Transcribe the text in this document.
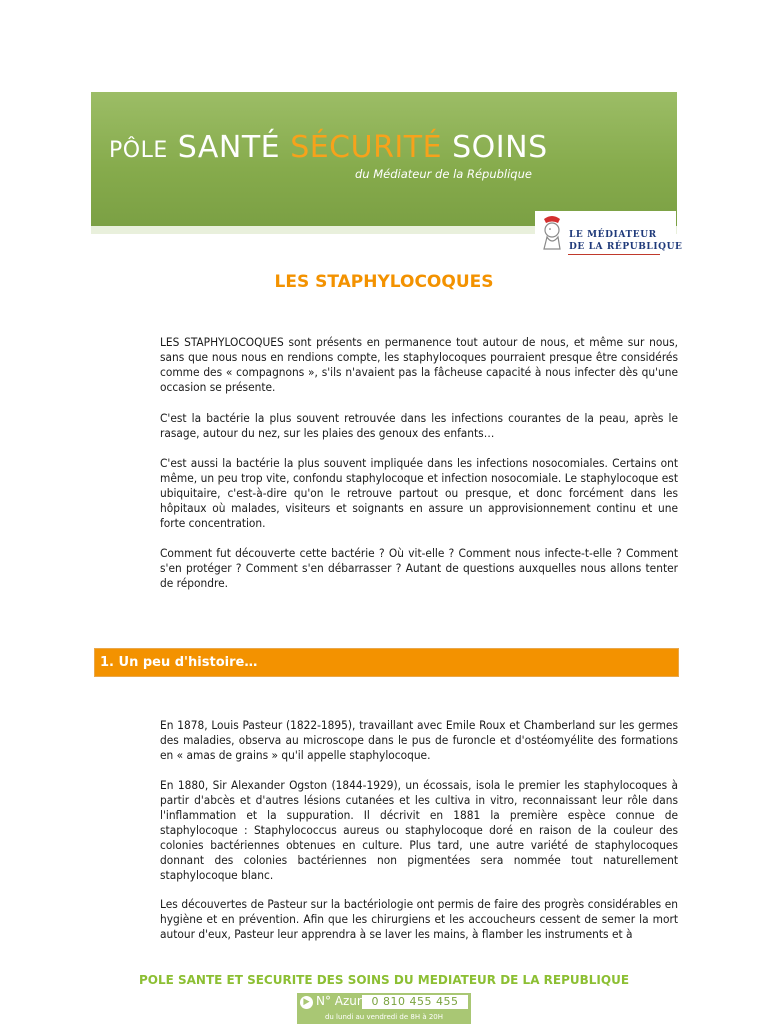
PÔLE SANTÉ SÉCURITÉ SOINS
du Médiateur de la République
LE MÉDIATEUR
DE LA RÉPUBLIQUE
LES STAPHYLOCOQUES

LES STAPHYLOCOQUES sont présents en permanence tout autour de nous, et même sur nous, sans que nous nous en rendions compte, les staphylocoques pourraient presque être considérés comme des « compagnons », s'ils n'avaient pas la fâcheuse capacité à nous infecter dès qu'une occasion se présente.

C'est la bactérie la plus souvent retrouvée dans les infections courantes de la peau, après le rasage, autour du nez, sur les plaies des genoux des enfants…

C'est aussi la bactérie la plus souvent impliquée dans les infections nosocomiales. Certains ont même, un peu trop vite, confondu staphylocoque et infection nosocomiale. Le staphylocoque est ubiquitaire, c'est-à-dire qu'on le retrouve partout ou presque, et donc forcément dans les hôpitaux où malades, visiteurs et soignants en assure un approvisionnement continu et une forte concentration.

Comment fut découverte cette bactérie ? Où vit-elle ? Comment nous infecte-t-elle ? Comment s'en protéger ? Comment s'en débarrasser ? Autant de questions auxquelles nous allons tenter de répondre.

1. Un peu d'histoire…

En 1878, Louis Pasteur (1822-1895), travaillant avec Emile Roux et Chamberland sur les germes des maladies, observa au microscope dans le pus de furoncle et d'ostéomyélite des formations en « amas de grains » qu'il appelle staphylocoque.

En 1880, Sir Alexander Ogston (1844-1929), un écossais, isola le premier les staphylocoques à partir d'abcès et d'autres lésions cutanées et les cultiva in vitro, reconnaissant leur rôle dans l'inflammation et la suppuration. Il décrivit en 1881 la première espèce connue de staphylocoque : Staphylococcus aureus ou staphylocoque doré en raison de la couleur des colonies bactériennes obtenues en culture. Plus tard, une autre variété de staphylocoques donnant des colonies bactériennes non pigmentées sera nommée tout naturellement staphylocoque blanc.

Les découvertes de Pasteur sur la bactériologie ont permis de faire des progrès considérables en hygiène et en prévention. Afin que les chirurgiens et les accoucheurs cessent de semer la mort autour d'eux, Pasteur leur apprendra à se laver les mains, à flamber les instruments et à

POLE SANTE ET SECURITE DES SOINS DU MEDIATEUR DE LA REPUBLIQUE
▶ N° Azur 0 810 455 455
du lundi au vendredi de 8H à 20H
